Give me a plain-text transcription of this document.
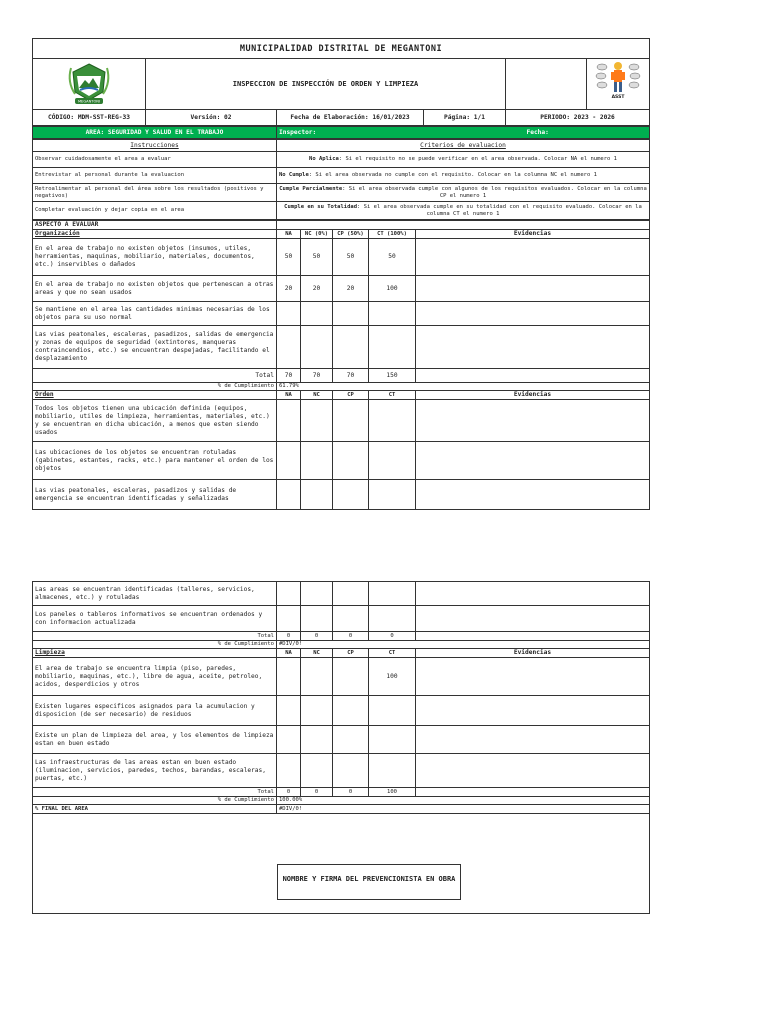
MUNICIPALIDAD DISTRITAL DE MEGANTONI				

MEGANTONI	INSPECCION DE INSPECCIÓN DE ORDEN Y LIMPIEZA			ASST

CÓDIGO: MDM-SST-REG-33	Versión: 02	Fecha de Elaboración: 16/01/2023	Página: 1/1	PERIODO: 2023 - 2026
AREA: SEGURIDAD Y SALUD EN EL TRABAJO	Inspector:	Fecha:
Instrucciones	Criterios de evaluacion
Observar cuidadosamente el area a evaluar	No Aplica: Si el requisito no se puede verificar en el area observada. Colocar NA el numero 1
Entrevistar al personal durante la evaluacion	No Cumple: Si el area observada no cumple con el requisito. Colocar en la columna NC el numero 1
Retroalimentar al personal del área sobre los resultados (positivos y negativos)	Cumple Parcialmente: Si el area observada cumple con algunos de los requisitos evaluados. Colocar en la columna CP el numero 1
Completar evaluación y dejar copia en el area	Cumple en su Totalidad: Si el area observada cumple en su totalidad con el requisito evaluado. Colocar en la columna CT el numero 1
ASPECTO A EVALUAR					
Organización	NA	NC (0%)	CP (50%)	CT (100%)	Evidencias
En el area de trabajo no existen objetos (insumos, utiles, herramientas, maquinas, mobiliario, materiales, documentos, etc.) inservibles o dañados	50	50	50	50	
En el area de trabajo no existen objetos que pertenescan a otras areas y que no sean usados	20	20	20	100	
Se mantiene en el area las cantidades minimas necesarias de los objetos para su uso normal					
Las vias peatonales, escaleras, pasadizos, salidas de emergencia y zonas de equipos de seguridad (extintores, manqueras contraincendios, etc.) se encuentran despejadas, facilitando el desplazamiento					
Total	70	70	70	150	
% de Cumplimiento	61.79%				
Orden	NA	NC	CP	CT	Evidencias
Todos los objetos tienen una ubicación definida (equipos, mobiliario, utiles de limpieza, herramientas, materiales, etc.) y se encuentran en dicha ubicación, a menos que esten siendo usados					
Las ubicaciones de los objetos se encuentran rotuladas (gabinetes, estantes, racks, etc.) para mantener el orden de los objetos					
Las vias peatonales, escaleras, pasadizos y salidas de emergencia se encuentran identificadas y señalizadas					
Las areas se encuentran identificadas (talleres, servicios, almacenes, etc.) y rotuladas					
Los paneles o tableros informativos se encuentran ordenados y con informacion actualizada					
Total	0	0	0	0	
% de Cumplimiento	#DIV/0!				
Limpieza	NA	NC	CP	CT	Evidencias
El area de trabajo se encuentra limpia (piso, paredes, mobiliario, maquinas, etc.), libre de agua, aceite, petroleo, acidos, desperdicios y otros				100	
Existen lugares especificos asignados para la acumulacion y disposicion (de ser necesario) de residuos					
Existe un plan de limpieza del area, y los elementos de limpieza estan en buen estado					
Las infraestructuras de las areas estan en buen estado (iluminacion, servicios, paredes, techos, barandas, escaleras, puertas, etc.)					
Total	0	0	0	100	
% de Cumplimiento	100.00%				
% FINAL DEL AREA	#DIV/0!				

NOMBRE Y FIRMA DEL PREVENCIONISTA EN OBRA					
